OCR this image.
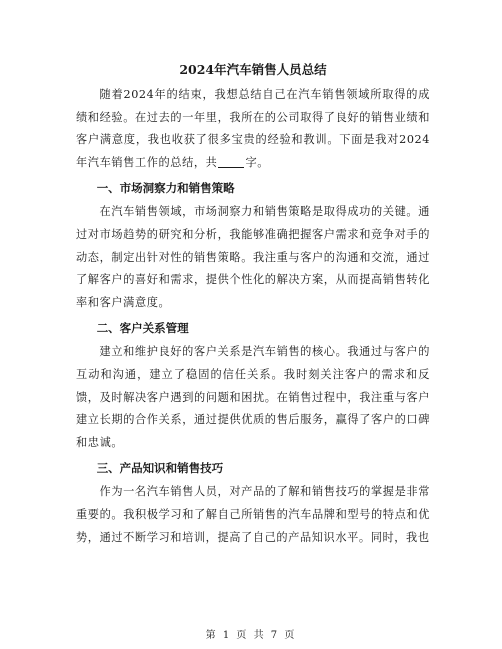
2024年汽车销售人员总结

随着2024年的结束，我想总结自己在汽车销售领域所取得的成绩和经验。在过去的一年里，我所在的公司取得了良好的销售业绩和客户满意度，我也收获了很多宝贵的经验和教训。下面是我对2024年汽车销售工作的总结，共	字。

一、市场洞察力和销售策略

在汽车销售领域，市场洞察力和销售策略是取得成功的关键。通过对市场趋势的研究和分析，我能够准确把握客户需求和竞争对手的动态，制定出针对性的销售策略。我注重与客户的沟通和交流，通过了解客户的喜好和需求，提供个性化的解决方案，从而提高销售转化率和客户满意度。

二、客户关系管理

建立和维护良好的客户关系是汽车销售的核心。我通过与客户的互动和沟通，建立了稳固的信任关系。我时刻关注客户的需求和反馈，及时解决客户遇到的问题和困扰。在销售过程中，我注重与客户建立长期的合作关系，通过提供优质的售后服务，赢得了客户的口碑和忠诚。

三、产品知识和销售技巧

作为一名汽车销售人员，对产品的了解和销售技巧的掌握是非常重要的。我积极学习和了解自己所销售的汽车品牌和型号的特点和优势，通过不断学习和培训，提高了自己的产品知识水平。同时，我也

第 1 页 共 7 页
